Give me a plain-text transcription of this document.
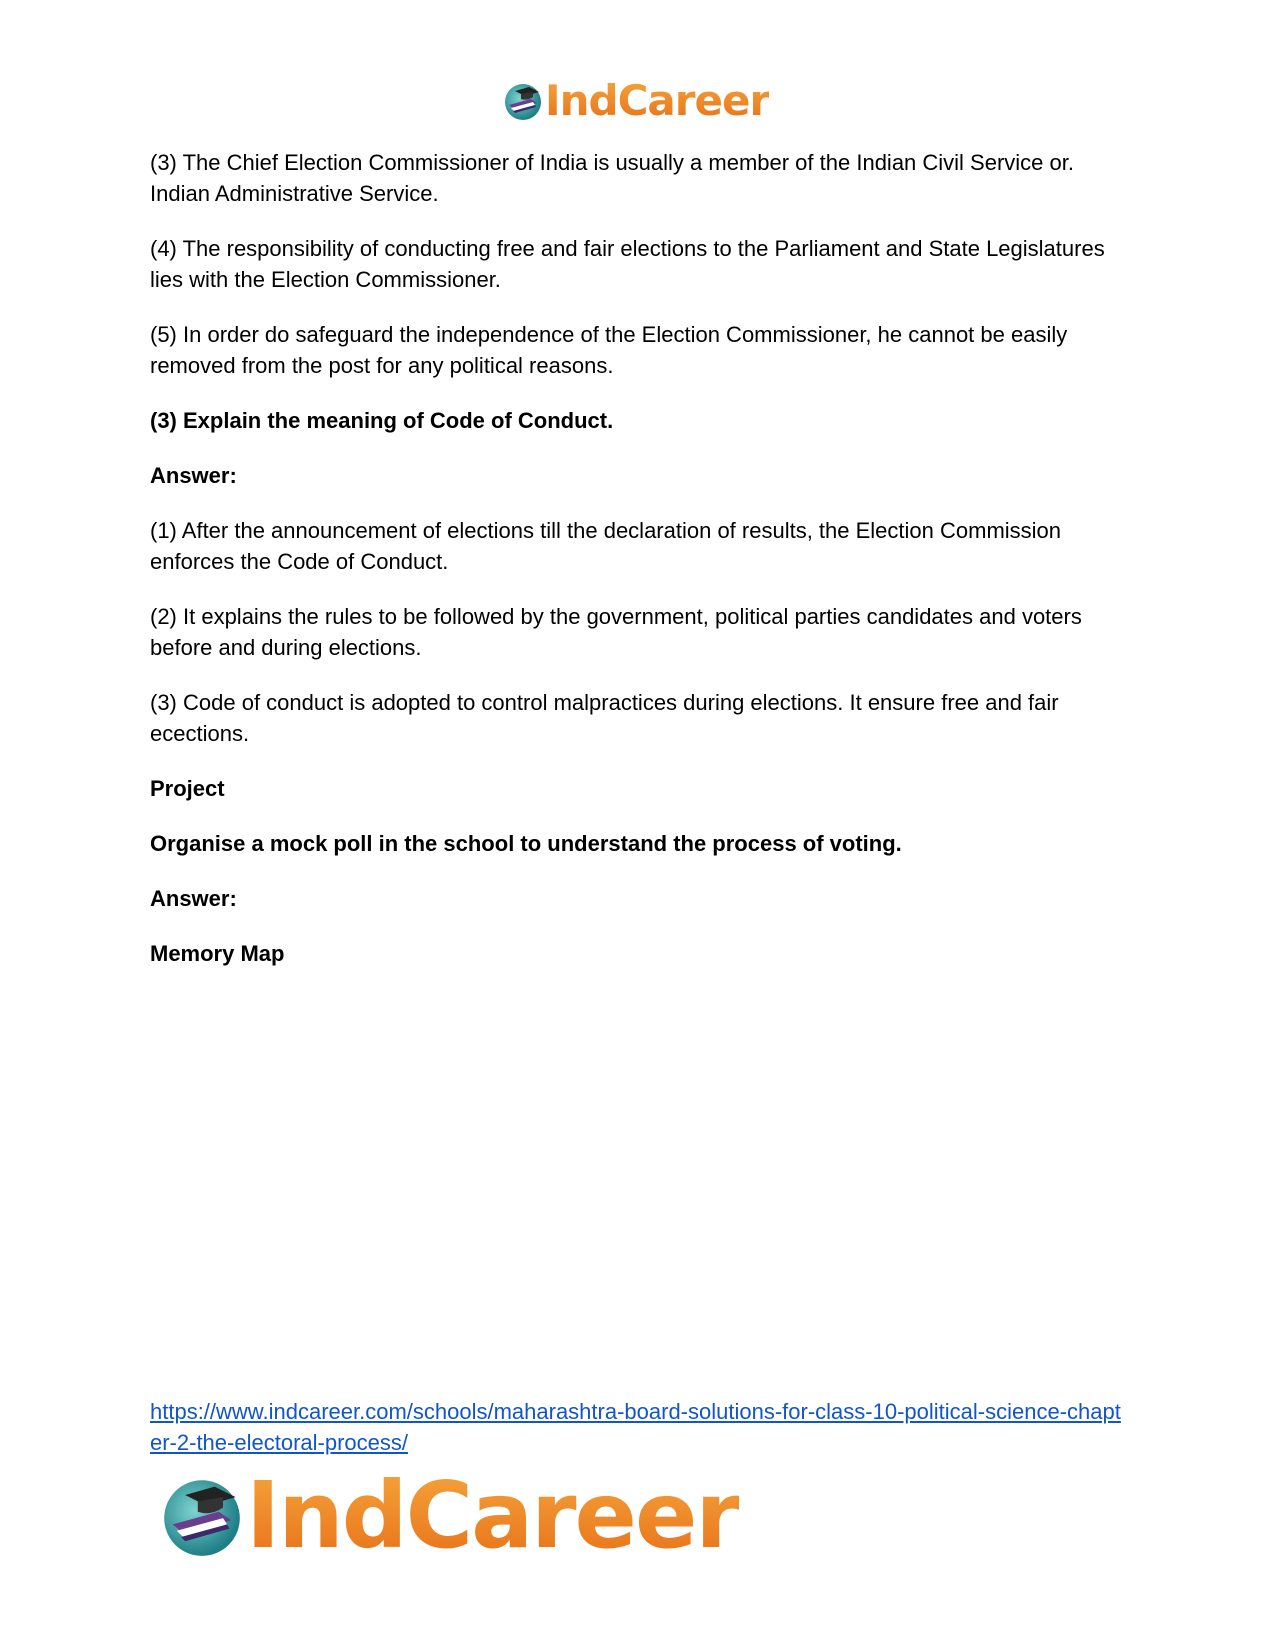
IndCareer

(3) The Chief Election Commissioner of India is usually a member of the Indian Civil Service or. Indian Administrative Service.

(4) The responsibility of conducting free and fair elections to the Parliament and State Legislatures lies with the Election Commissioner.

(5) In order do safeguard the independence of the Election Commissioner, he cannot be easily removed from the post for any political reasons.

(3) Explain the meaning of Code of Conduct.

Answer:

(1) After the announcement of elections till the declaration of results, the Election Commission enforces the Code of Conduct.

(2) It explains the rules to be followed by the government, political parties candidates and voters before and during elections.

(3) Code of conduct is adopted to control malpractices during elections. It ensure free and fair ecections.

Project

Organise a mock poll in the school to understand the process of voting.

Answer:

Memory Map

https://www.indcareer.com/schools/maharashtra-board-solutions-for-class-10-political-science-chapter-2-the-electoral-process/
IndCareer
